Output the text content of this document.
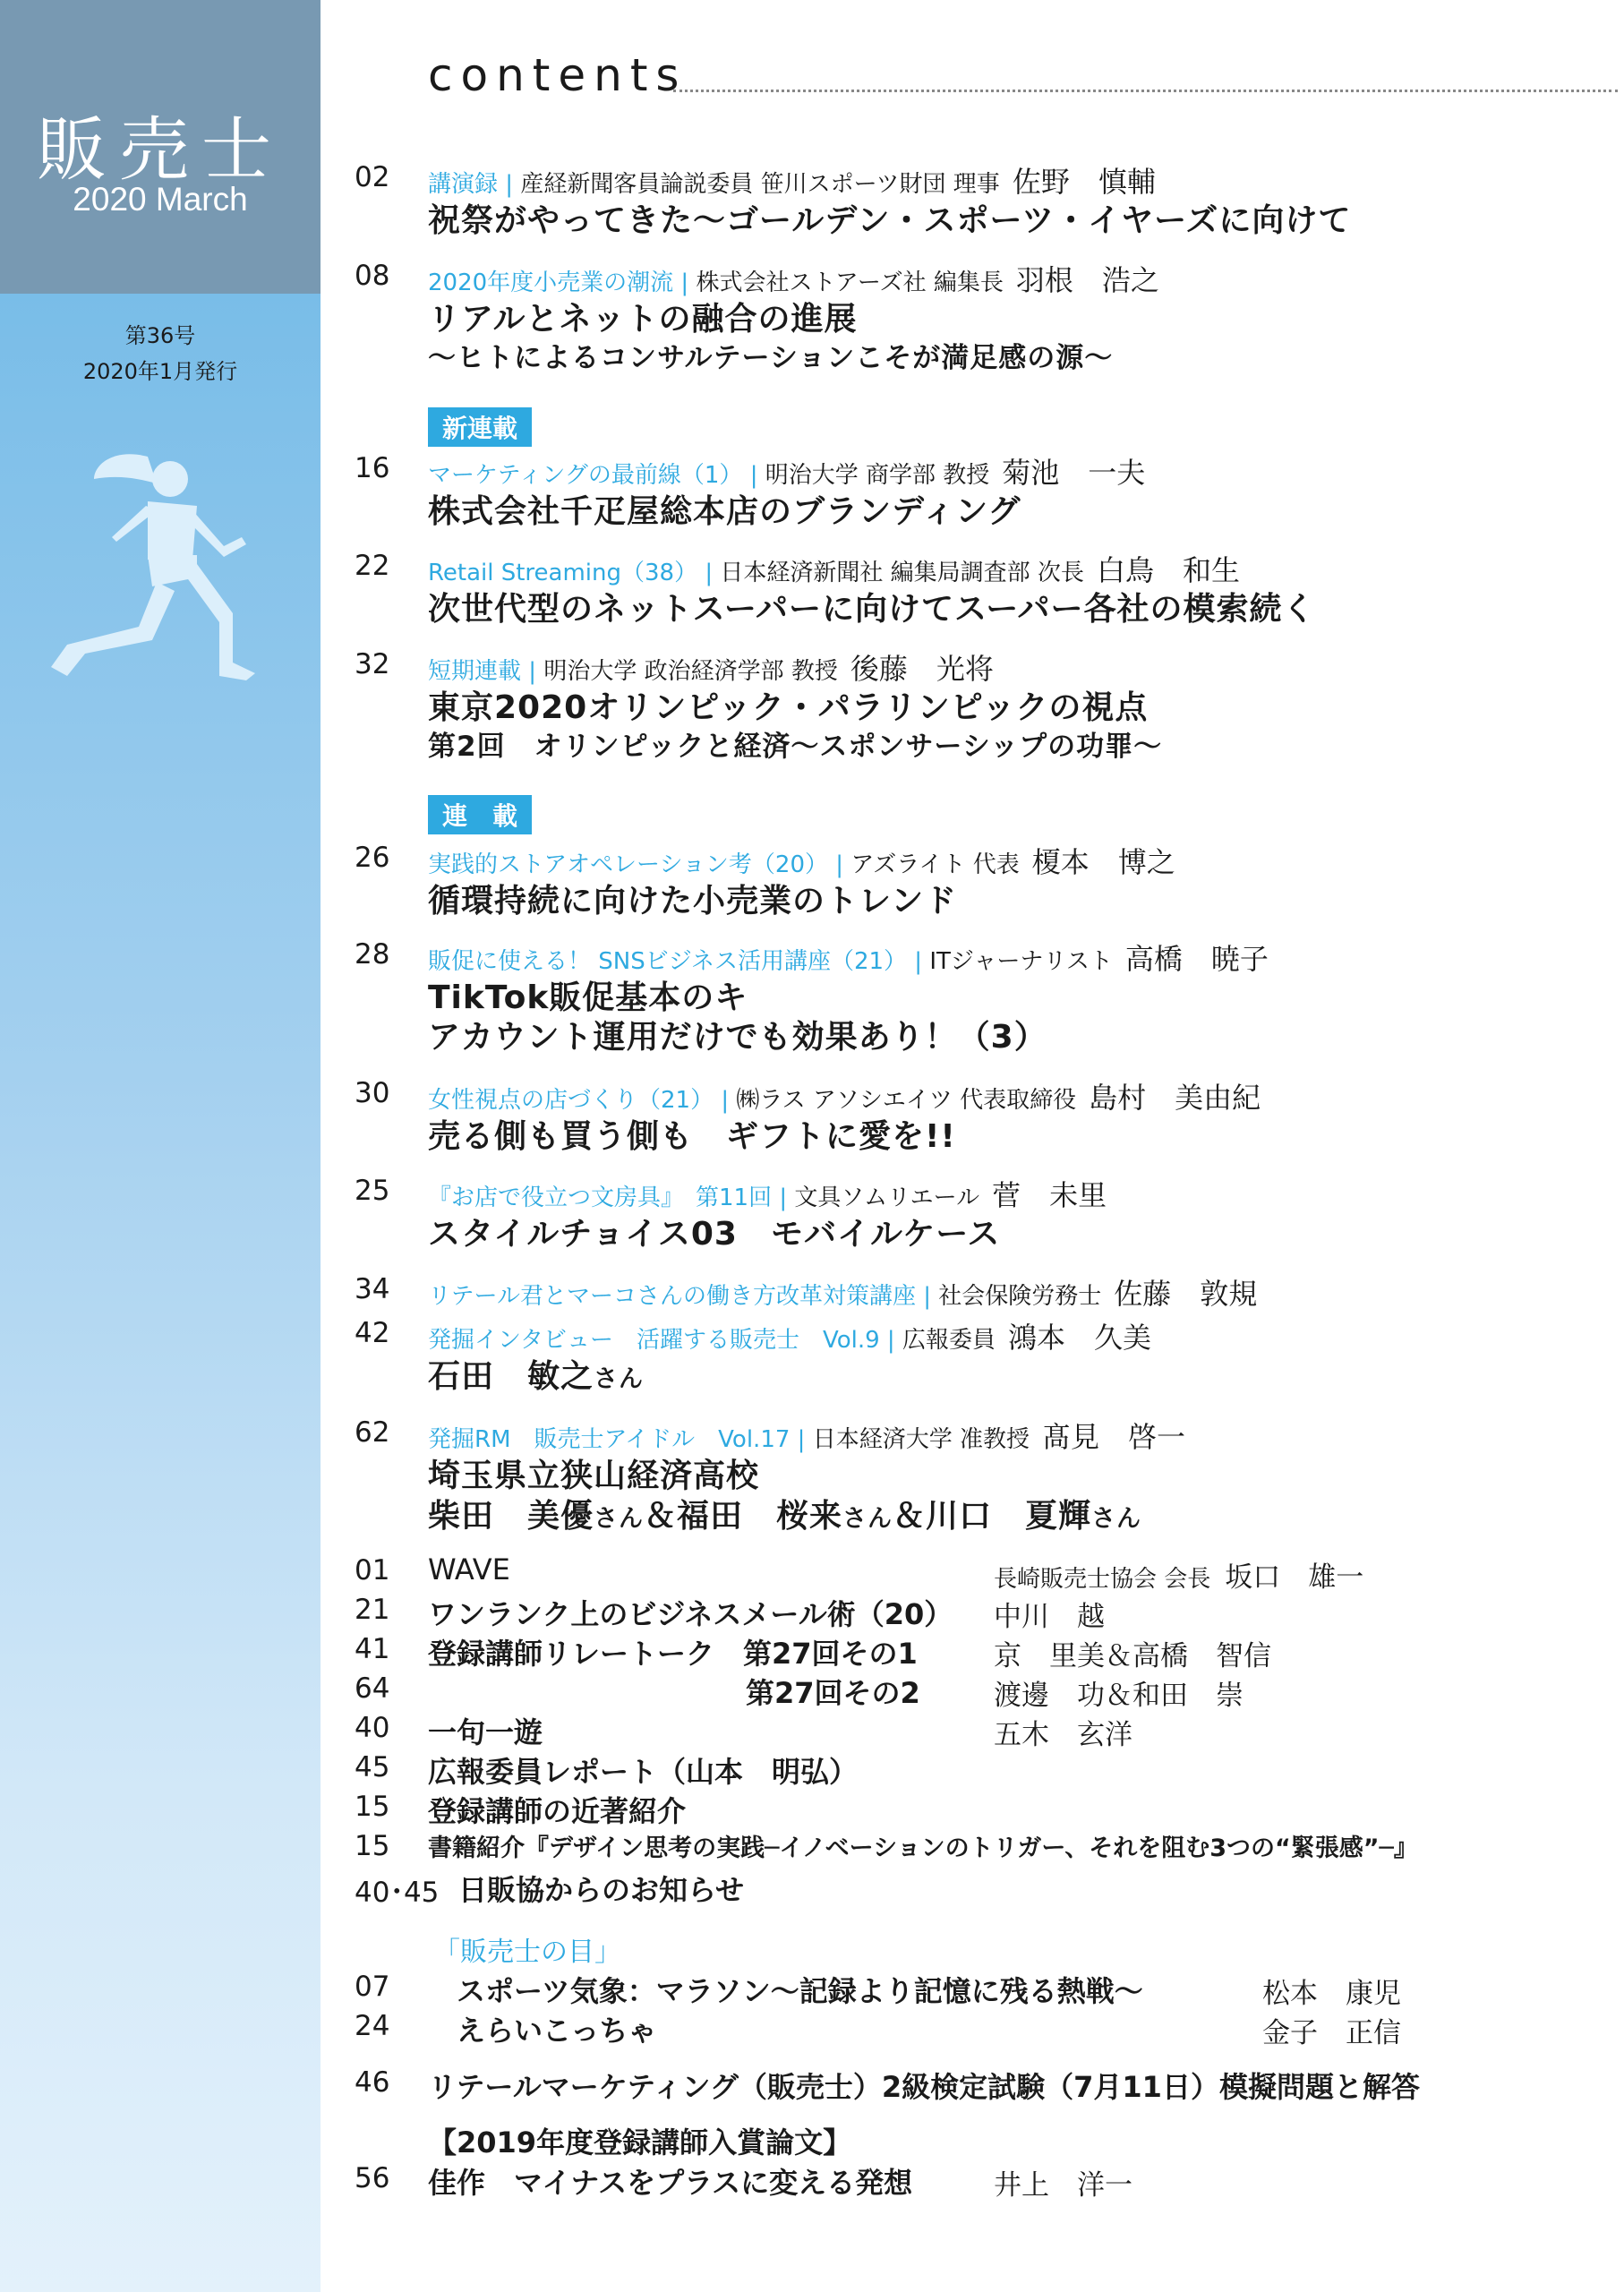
販売士
2020 March
第36号
2020年1月発行
contents
02 講演録 | 産経新聞客員論説委員 笹川スポーツ財団 理事 佐野　慎輔
祝祭がやってきた～ゴールデン・スポーツ・イヤーズに向けて
08 2020年度小売業の潮流 | 株式会社ストアーズ社 編集長 羽根　浩之
リアルとネットの融合の進展
～ヒトによるコンサルテーションこそが満足感の源～
新連載
16 マーケティングの最前線（1） | 明治大学 商学部 教授 菊池　一夫
株式会社千疋屋総本店のブランディング
22 Retail Streaming（38） | 日本経済新聞社 編集局調査部 次長 白鳥　和生
次世代型のネットスーパーに向けてスーパー各社の模索続く
32 短期連載 | 明治大学 政治経済学部 教授 後藤　光将
東京2020オリンピック・パラリンピックの視点
第2回　オリンピックと経済～スポンサーシップの功罪～
連　載
26 実践的ストアオペレーション考（20） | アズライト 代表 榎本　博之
循環持続に向けた小売業のトレンド
28 販促に使える！ SNSビジネス活用講座（21） | ITジャーナリスト 高橋　暁子
TikTok販促基本のキ
アカウント運用だけでも効果あり！（3）
30 女性視点の店づくり（21） | ㈱ラス アソシエイツ 代表取締役 島村　美由紀
売る側も買う側も　ギフトに愛を!!
25 『お店で役立つ文房具』　第11回 | 文具ソムリエール 菅　未里
スタイルチョイス03　モバイルケース
34 リテール君とマーコさんの働き方改革対策講座 | 社会保険労務士 佐藤　敦規
42 発掘インタビュー　活躍する販売士　Vol.9 | 広報委員 鴻本　久美
石田　敏之さん
62 発掘RM　販売士アイドル　Vol.17 | 日本経済大学 准教授 髙見　啓一
埼玉県立狭山経済高校
柴田　美優さん＆福田　桜来さん＆川口　夏輝さん
01 WAVE	長崎販売士協会 会長 坂口　雄一
21 ワンランク上のビジネスメール術（20） 中川　越
41 登録講師リレートーク　第27回その1	京　里美＆高橋　智信
64	第27回その2	渡邊　功＆和田　崇
40 一句一遊	五木　玄洋
45 広報委員レポート（山本　明弘）
15 登録講師の近著紹介
15 書籍紹介『デザイン思考の実践─イノベーションのトリガー、それを阻む3つの“緊張感”─』
40･45 日販協からのお知らせ
「販売士の目」
07 スポーツ気象：マラソン～記録より記憶に残る熱戦～	松本　康児
24 えらいこっちゃ	金子　正信
46 リテールマーケティング（販売士）2級検定試験（7月11日）模擬問題と解答
【2019年度登録講師入賞論文】
56 佳作　マイナスをプラスに変える発想	井上　洋一
